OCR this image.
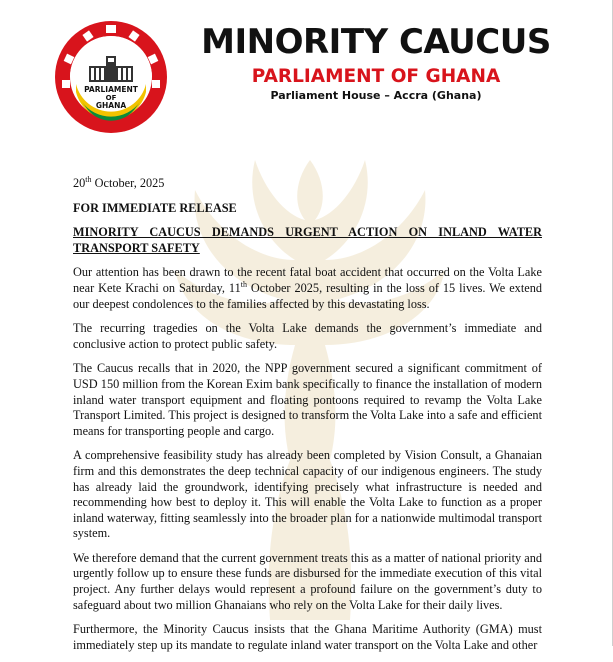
PARLIAMENT
OF
GHANA
MINORITY CAUCUS
PARLIAMENT OF GHANA
Parliament House – Accra (Ghana)
20th October, 2025
FOR IMMEDIATE RELEASE
MINORITY CAUCUS DEMANDS URGENT ACTION ON INLAND WATER TRANSPORT SAFETY

Our attention has been drawn to the recent fatal boat accident that occurred on the Volta Lake near Kete Krachi on Saturday, 11th October 2025, resulting in the loss of 15 lives. We extend our deepest condolences to the families affected by this devastating loss.

The recurring tragedies on the Volta Lake demands the government’s immediate and conclusive action to protect public safety.

The Caucus recalls that in 2020, the NPP government secured a significant commitment of USD 150 million from the Korean Exim bank specifically to finance the installation of modern inland water transport equipment and floating pontoons required to revamp the Volta Lake Transport Limited. This project is designed to transform the Volta Lake into a safe and efficient means for transporting people and cargo.

A comprehensive feasibility study has already been completed by Vision Consult, a Ghanaian firm and this demonstrates the deep technical capacity of our indigenous engineers. The study has already laid the groundwork, identifying precisely what infrastructure is needed and recommending how best to deploy it. This will enable the Volta Lake to function as a proper inland waterway, fitting seamlessly into the broader plan for a nationwide multimodal transport system.

We therefore demand that the current government treats this as a matter of national priority and urgently follow up to ensure these funds are disbursed for the immediate execution of this vital project. Any further delays would represent a profound failure on the government’s duty to safeguard about two million Ghanaians who rely on the Volta Lake for their daily lives.

Furthermore, the Minority Caucus insists that the Ghana Maritime Authority (GMA) must immediately step up its mandate to regulate inland water transport on the Volta Lake and other
